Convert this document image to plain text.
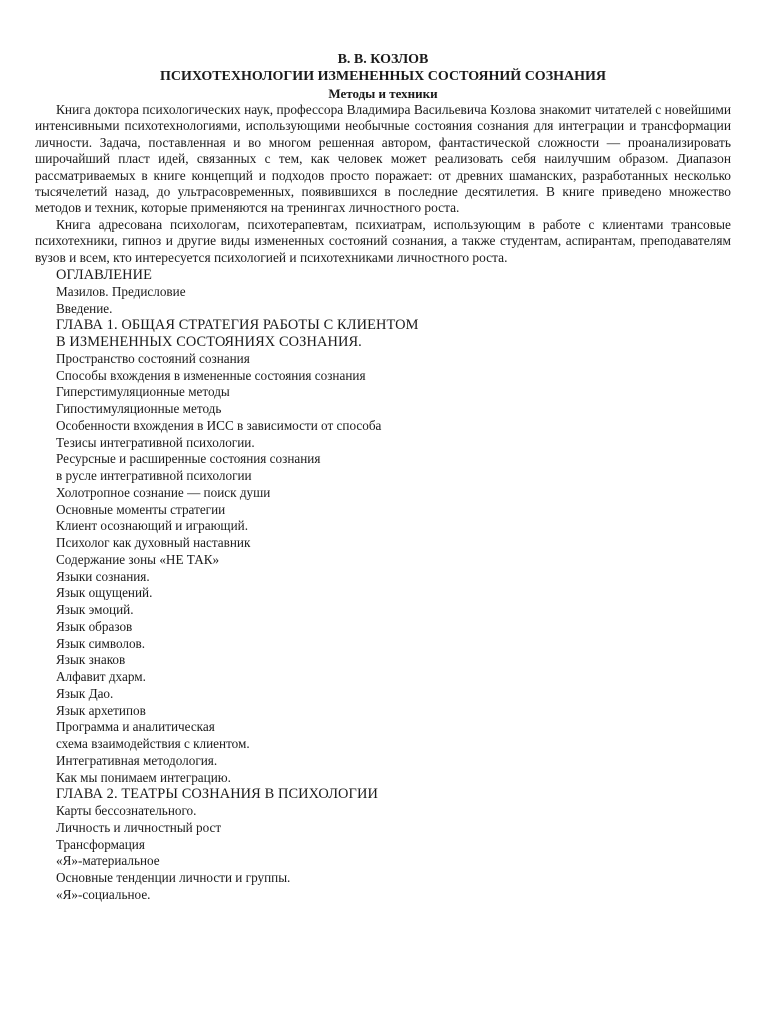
В. В. КОЗЛОВ
ПСИХОТЕХНОЛОГИИ ИЗМЕНЕННЫХ СОСТОЯНИЙ СОЗНАНИЯ
Методы и техники

Книга доктора психологических наук, профессора Владимира Васильевича Козлова знакомит читателей с новейшими интенсивными психотехнологиями, использующими необычные состояния сознания для интеграции и трансформации личности. Задача, поставленная и во многом решенная автором, фантастической сложности — проанализировать широчайший пласт идей, связанных с тем, как человек может реализовать себя наилучшим образом. Диапазон рассматриваемых в книге концепций и подходов просто поражает: от древних шаманских, разработанных несколько тысячелетий назад, до ультрасовременных, появившихся в последние десятилетия. В книге приведено множество методов и техник, которые применяются на тренингах личностного роста.

Книга адресована психологам, психотерапевтам, психиатрам, использующим в работе с клиентами трансовые психотехники, гипноз и другие виды измененных состояний сознания, а также студентам, аспирантам, преподавателям вузов и всем, кто интересуется психологией и психотехниками личностного роста.

ОГЛАВЛЕНИЕ
Мазилов. Предисловие
Введение.
ГЛАВА 1. ОБЩАЯ СТРАТЕГИЯ РАБОТЫ С КЛИЕНТОМ
В ИЗМЕНЕННЫХ СОСТОЯНИЯХ СОЗНАНИЯ.
Пространство состояний сознания
Способы вхождения в измененные состояния сознания
Гиперстимуляционные методы
Гипостимуляционные методь
Особенности вхождения в ИСС в зависимости от способа
Тезисы интегративной психологии.
Ресурсные и расширенные состояния сознания
в русле интегративной психологии
Холотропное сознание — поиск души
Основные моменты стратегии
Клиент осознающий и играющий.
Психолог как духовный наставник
Содержание зоны «НЕ ТАК»
Языки сознания.
Язык ощущений.
Язык эмоций.
Язык образов
Язык символов.
Язык знаков
Алфавит дхарм.
Язык Дао.
Язык архетипов
Программа и аналитическая
схема взаимодействия с клиентом.
Интегративная методология.
Как мы понимаем интеграцию.
ГЛАВА 2. ТЕАТРЫ СОЗНАНИЯ В ПСИХОЛОГИИ
Карты бессознательного.
Личность и личностный рост
Трансформация
«Я»-материальное
Основные тенденции личности и группы.
«Я»-социальное.
